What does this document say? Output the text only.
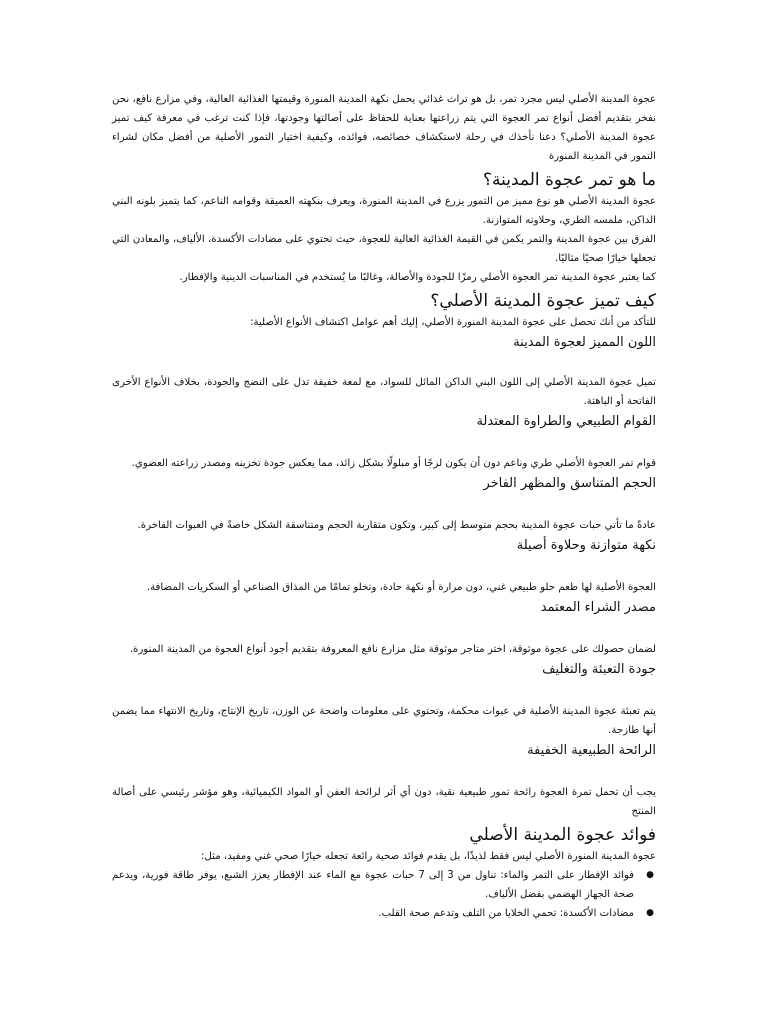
عجوة المدينة الأصلي ليس مجرد تمر، بل هو تراث غذائي يحمل نكهة المدينة المنورة وقيمتها الغذائية العالية، وفي مزارع نافع، نحن نفخر بتقديم أفضل أنواع تمر العجوة التي يتم زراعتها بعناية للحفاظ على أصالتها وجودتها، فإذا كنت ترغب في معرفة كيف تميز عجوة المدينة الأصلي؟ دعنا نأخذك في رحلة لاستكشاف خصائصه، فوائده، وكيفية اختيار التمور الأصلية من أفضل مكان لشراء التمور في المدينة المنورة

ما هو تمر عجوة المدينة؟

عجوة المدينة الأصلي هو نوع مميز من التمور يزرع في المدينة المنورة، ويعرف بنكهته العميقة وقوامه الناعم، كما يتميز بلونه البني الداكن، ملمسه الطري، وحلاوته المتوازنة.

الفرق بين عجوة المدينة والتمر يكمن في القيمة الغذائية العالية للعجوة، حيث تحتوي على مضادات الأكسدة، الألياف، والمعادن التي تجعلها خيارًا صحيًا مثاليًا.

كما يعتبر عجوة المدينة تمر العجوة الأصلي رمزًا للجودة والأصالة، وغالبًا ما يُستخدم في المناسبات الدينية والإفطار.

كيف تميز عجوة المدينة الأصلي؟

للتأكد من أنك تحصل على عجوة المدينة المنورة الأصلي، إليك أهم عوامل اكتشاف الأنواع الأصلية:

اللون المميز لعجوة المدينة

تميل عجوة المدينة الأصلي إلى اللون البني الداكن المائل للسواد، مع لمعة خفيفة تدل على النضج والجودة، بخلاف الأنواع الأخرى الفاتحة أو الباهتة.

القوام الطبيعي والطراوة المعتدلة

قوام تمر العجوة الأصلي طري وناعم دون أن يكون لزجًا أو مبلولًا بشكل زائد، مما يعكس جودة تخزينه ومصدر زراعته العضوي.

الحجم المتناسق والمظهر الفاخر

عادةً ما تأتي حبات عجوة المدينة بحجم متوسط إلى كبير، وتكون متقاربة الحجم ومتناسقة الشكل خاصةً في العبوات الفاخرة.

نكهة متوازنة وحلاوة أصيلة

العجوة الأصلية لها طعم حلو طبيعي غني، دون مرارة أو نكهة حادة، وتخلو تمامًا من المذاق الصناعي أو السكريات المضافة.

مصدر الشراء المعتمد

لضمان حصولك على عجوة موثوقة، اختر متاجر موثوقة مثل مزارع نافع المعروفة بتقديم أجود أنواع العجوة من المدينة المنورة.

جودة التعبئة والتغليف

يتم تعبئة عجوة المدينة الأصلية في عبوات محكمة، وتحتوي على معلومات واضحة عن الوزن، تاريخ الإنتاج، وتاريخ الانتهاء مما يضمن أنها طازجة.

الرائحة الطبيعية الخفيفة

يجب أن تحمل تمرة العجوة رائحة تمور طبيعية نقية، دون أي أثر لرائحة العفن أو المواد الكيميائية، وهو مؤشر رئيسي على أصالة المنتج

فوائد عجوة المدينة الأصلي

عجوة المدينة المنورة الأصلي ليس فقط لذيذًا، بل يقدم فوائد صحية رائعة تجعله خيارًا صحي غني ومفيد، مثل:

●
فوائد الإفطار على التمر والماء: تناول من 3 إلى 7 حبات عجوة مع الماء عند الإفطار يعزز الشبع، يوفر طاقة فورية، ويدعم صحة الجهاز الهضمي بفضل الألياف.
●
مضادات الأكسدة: تحمي الخلايا من التلف وتدعم صحة القلب.
